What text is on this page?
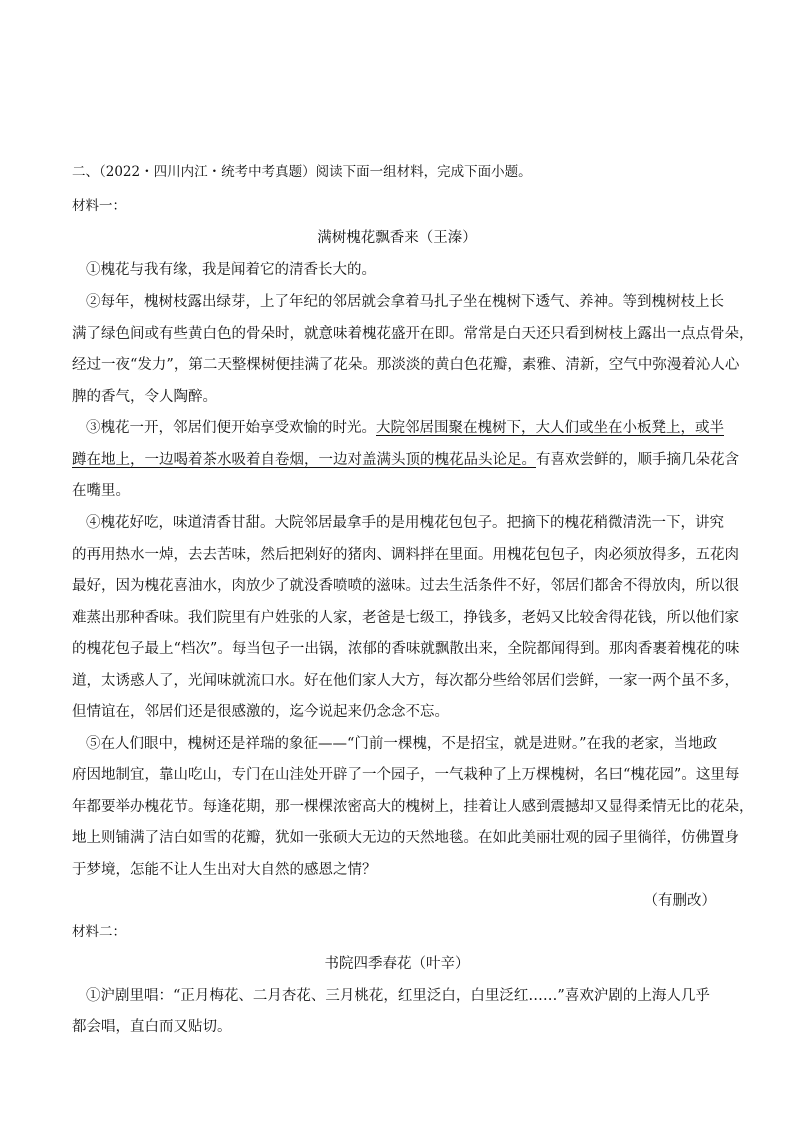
二、（2022・四川内江・统考中考真题）阅读下面一组材料，完成下面小题。
材料一：
满树槐花飘香来（王溱）
①槐花与我有缘，我是闻着它的清香长大的。
②每年，槐树枝露出绿芽，上了年纪的邻居就会拿着马扎子坐在槐树下透气、养神。等到槐树枝上长
满了绿色间或有些黄白色的骨朵时，就意味着槐花盛开在即。常常是白天还只看到树枝上露出一点点骨朵，
经过一夜“发力”，第二天整棵树便挂满了花朵。那淡淡的黄白色花瓣，素雅、清新，空气中弥漫着沁人心
脾的香气，令人陶醉。
③槐花一开，邻居们便开始享受欢愉的时光。大院邻居围聚在槐树下，大人们或坐在小板凳上，或半
蹲在地上，一边喝着茶水吸着自卷烟，一边对盖满头顶的槐花品头论足。有喜欢尝鲜的，顺手摘几朵花含
在嘴里。
④槐花好吃，味道清香甘甜。大院邻居最拿手的是用槐花包包子。把摘下的槐花稍微清洗一下，讲究
的再用热水一焯，去去苦味，然后把剁好的猪肉、调料拌在里面。用槐花包包子，肉必须放得多，五花肉
最好，因为槐花喜油水，肉放少了就没香喷喷的滋味。过去生活条件不好，邻居们都舍不得放肉，所以很
难蒸出那种香味。我们院里有户姓张的人家，老爸是七级工，挣钱多，老妈又比较舍得花钱，所以他们家
的槐花包子最上“档次”。每当包子一出锅，浓郁的香味就飘散出来，全院都闻得到。那肉香裹着槐花的味
道，太诱惑人了，光闻味就流口水。好在他们家人大方，每次都分些给邻居们尝鲜，一家一两个虽不多，
但情谊在，邻居们还是很感激的，迄今说起来仍念念不忘。
⑤在人们眼中，槐树还是祥瑞的象征——“门前一棵槐，不是招宝，就是进财。”在我的老家，当地政
府因地制宜，靠山吃山，专门在山洼处开辟了一个园子，一气栽种了上万棵槐树，名曰“槐花园”。这里每
年都要举办槐花节。每逢花期，那一棵棵浓密高大的槐树上，挂着让人感到震撼却又显得柔情无比的花朵，
地上则铺满了洁白如雪的花瓣，犹如一张硕大无边的天然地毯。在如此美丽壮观的园子里徜徉，仿佛置身
于梦境，怎能不让人生出对大自然的感恩之情？
（有删改）
材料二：
书院四季春花（叶辛）
①沪剧里唱：“正月梅花、二月杏花、三月桃花，红里泛白，白里泛红……”喜欢沪剧的上海人几乎
都会唱，直白而又贴切。
